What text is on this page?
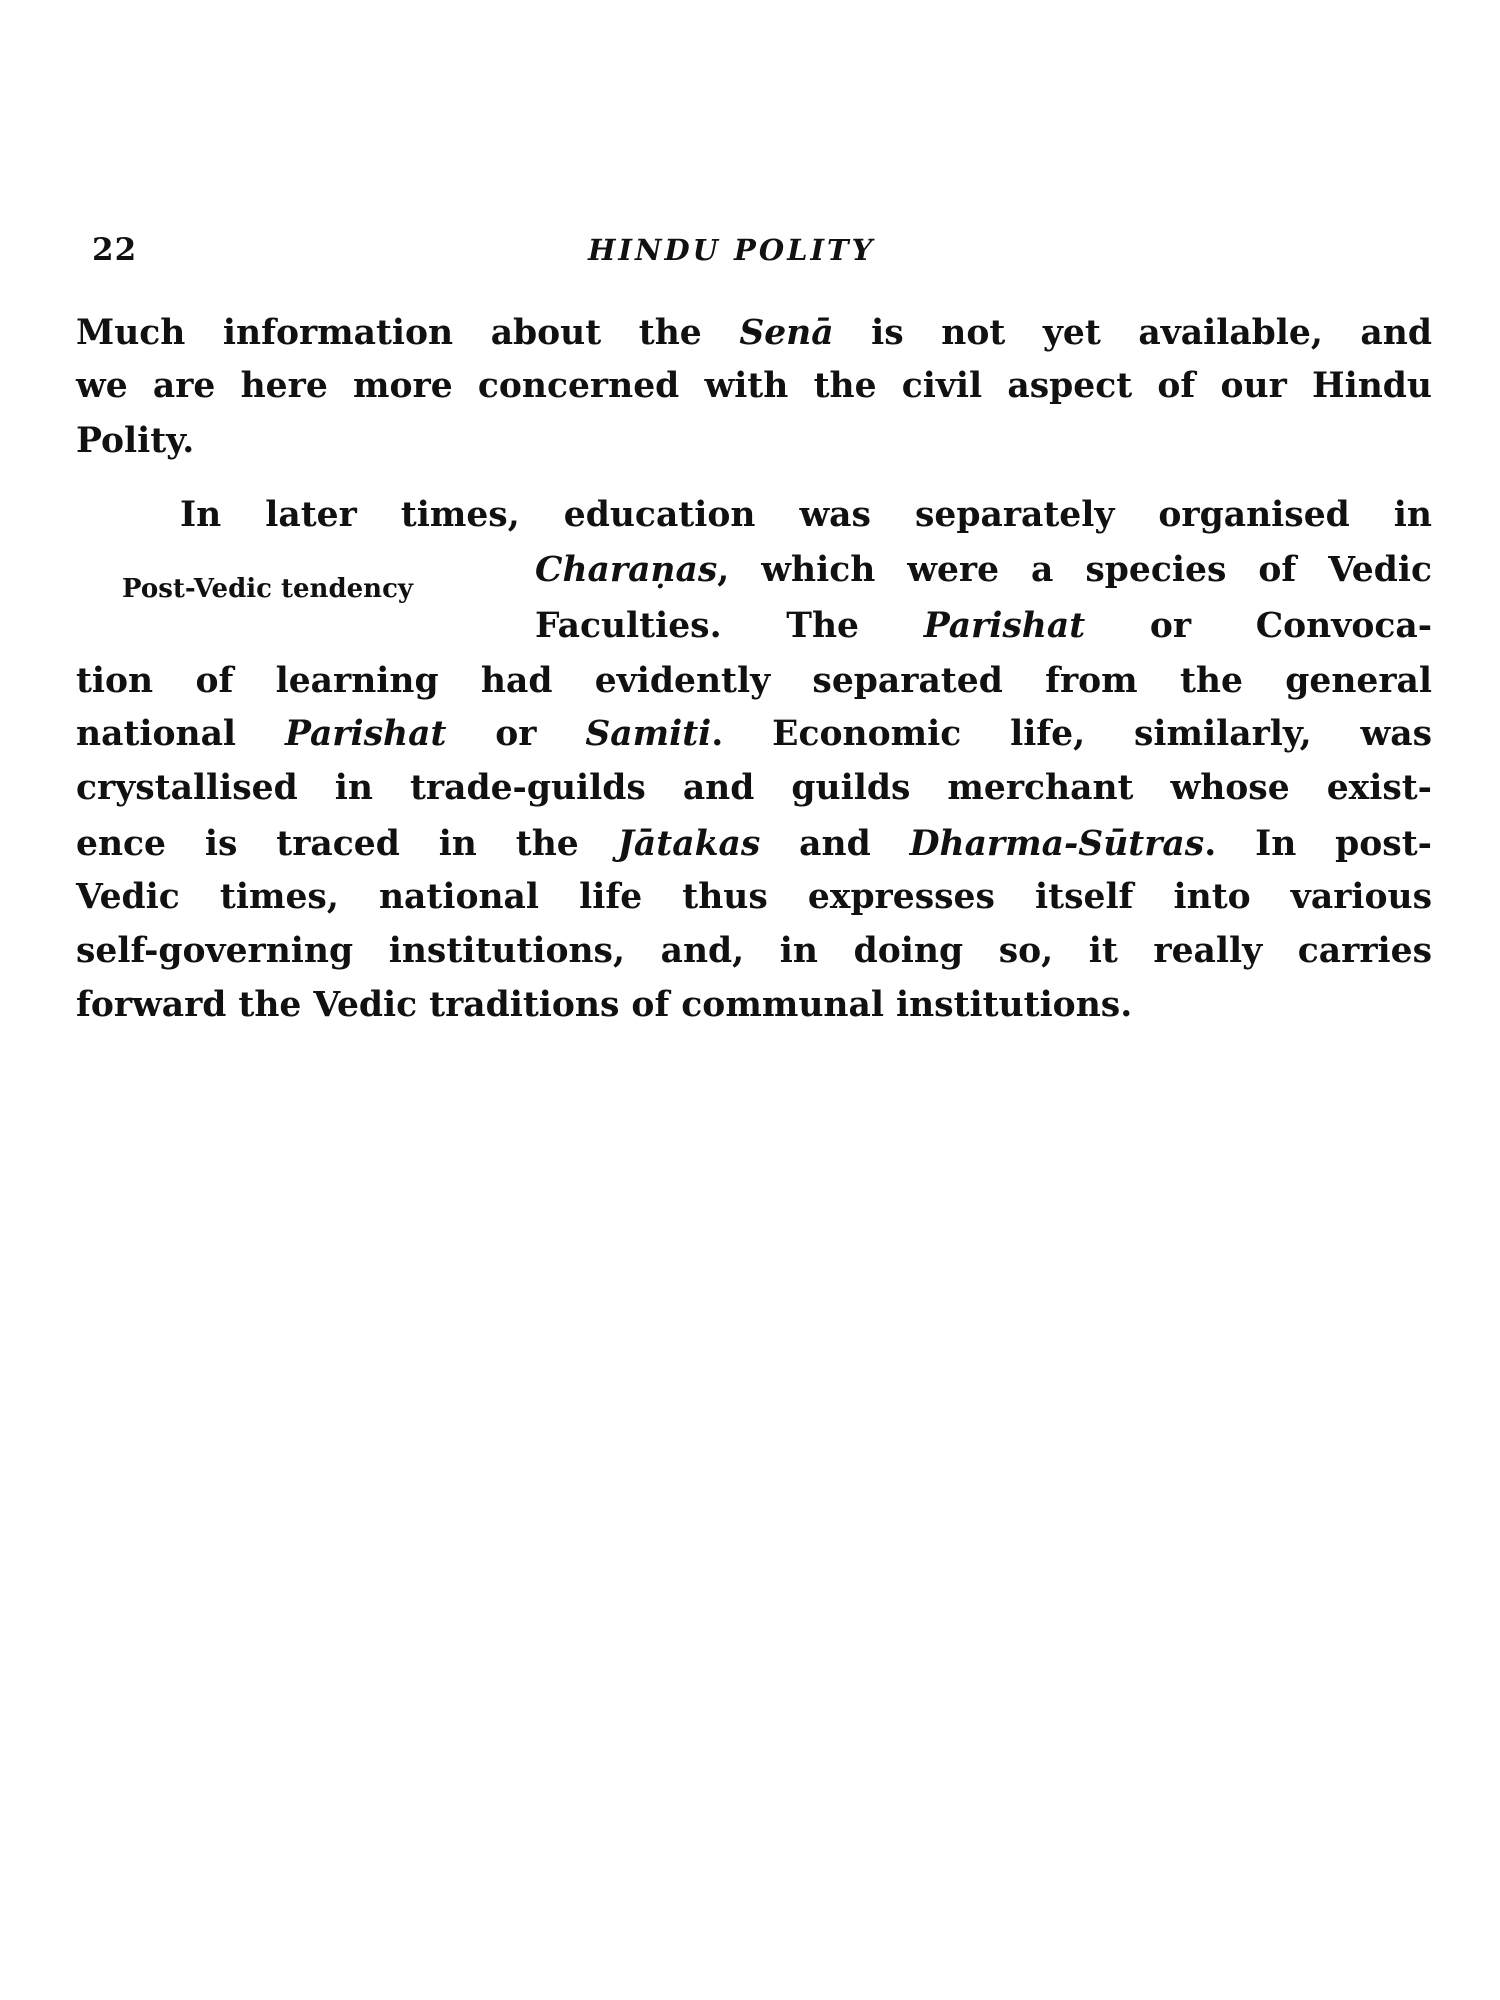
22	HINDU POLITY
Much information about the Senā is not yet available, and
we are here more concerned with the civil aspect of our Hindu
Polity.
In later times, education was separately organised in
Post-Vedic tendency	Charaṇas, which were a species of Vedic
Faculties. The Parishat or Convoca-
tion of learning had evidently separated from the general
national Parishat or Samiti. Economic life, similarly, was
crystallised in trade-guilds and guilds merchant whose exist-
ence is traced in the Jātakas and Dharma-Sūtras. In post-
Vedic times, national life thus expresses itself into various
self-governing institutions, and, in doing so, it really carries
forward the Vedic traditions of communal institutions.
